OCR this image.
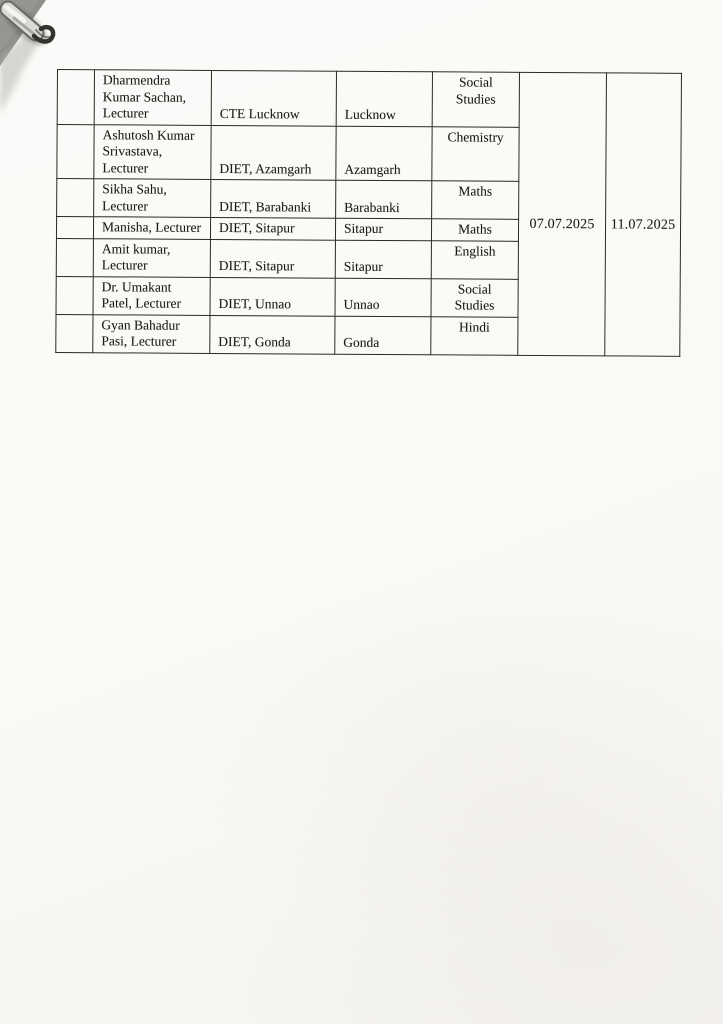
	Dharmendra
Kumar Sachan,
Lecturer	CTE Lucknow	Lucknow	Social
Studies	07.07.2025	11.07.2025
	Ashutosh Kumar
Srivastava,
Lecturer	DIET, Azamgarh	Azamgarh	Chemistry		
	Sikha Sahu,
Lecturer	DIET, Barabanki	Barabanki	Maths		
	Manisha, Lecturer	DIET, Sitapur	Sitapur	Maths		
	Amit kumar,
Lecturer	DIET, Sitapur	Sitapur	English		
	Dr. Umakant
Patel, Lecturer	DIET, Unnao	Unnao	Social
Studies		
	Gyan Bahadur
Pasi, Lecturer	DIET, Gonda	Gonda	Hindi		
